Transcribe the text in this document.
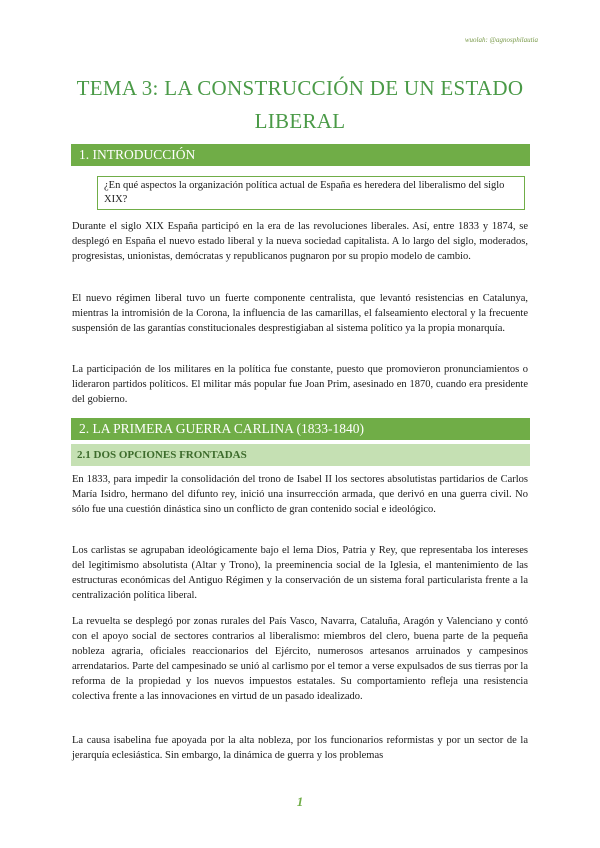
wuolah: @agnosphilautia
TEMA 3: LA CONSTRUCCIÓN DE UN ESTADO
LIBERAL
1. INTRODUCCIÓN
¿En qué aspectos la organización política actual de España es heredera del liberalismo del siglo XIX?

Durante el siglo XIX España participó en la era de las revoluciones liberales. Así, entre 1833 y 1874, se desplegó en España el nuevo estado liberal y la nueva sociedad capitalista. A lo largo del siglo, moderados, progresistas, unionistas, demócratas y republicanos pugnaron por su propio modelo de cambio.

El nuevo régimen liberal tuvo un fuerte componente centralista, que levantó resistencias en Catalunya, mientras la intromisión de la Corona, la influencia de las camarillas, el falseamiento electoral y la frecuente suspensión de las garantías constitucionales desprestigiaban al sistema político ya la propia monarquía.

La participación de los militares en la política fue constante, puesto que promovieron pronunciamientos o lideraron partidos políticos. El militar más popular fue Joan Prim, asesinado en 1870, cuando era presidente del gobierno.

2. LA PRIMERA GUERRA CARLINA (1833-1840)
2.1 DOS OPCIONES FRONTADAS

En 1833, para impedir la consolidación del trono de Isabel II los sectores absolutistas partidarios de Carlos María Isidro, hermano del difunto rey, inició una insurrección armada, que derivó en una guerra civil. No sólo fue una cuestión dinástica sino un conflicto de gran contenido social e ideológico.

Los carlistas se agrupaban ideológicamente bajo el lema Dios, Patria y Rey, que representaba los intereses del legitimismo absolutista (Altar y Trono), la preeminencia social de la Iglesia, el mantenimiento de las estructuras económicas del Antiguo Régimen y la conservación de un sistema foral particularista frente a la centralización política liberal.

La revuelta se desplegó por zonas rurales del País Vasco, Navarra, Cataluña, Aragón y Valenciano y contó con el apoyo social de sectores contrarios al liberalismo: miembros del clero, buena parte de la pequeña nobleza agraria, oficiales reaccionarios del Ejército, numerosos artesanos arruinados y campesinos arrendatarios. Parte del campesinado se unió al carlismo por el temor a verse expulsados de sus tierras por la reforma de la propiedad y los nuevos impuestos estatales. Su comportamiento refleja una resistencia colectiva frente a las innovaciones en virtud de un pasado idealizado.

La causa isabelina fue apoyada por la alta nobleza, por los funcionarios reformistas y por un sector de la jerarquía eclesiástica. Sin embargo, la dinámica de guerra y los problemas

1
